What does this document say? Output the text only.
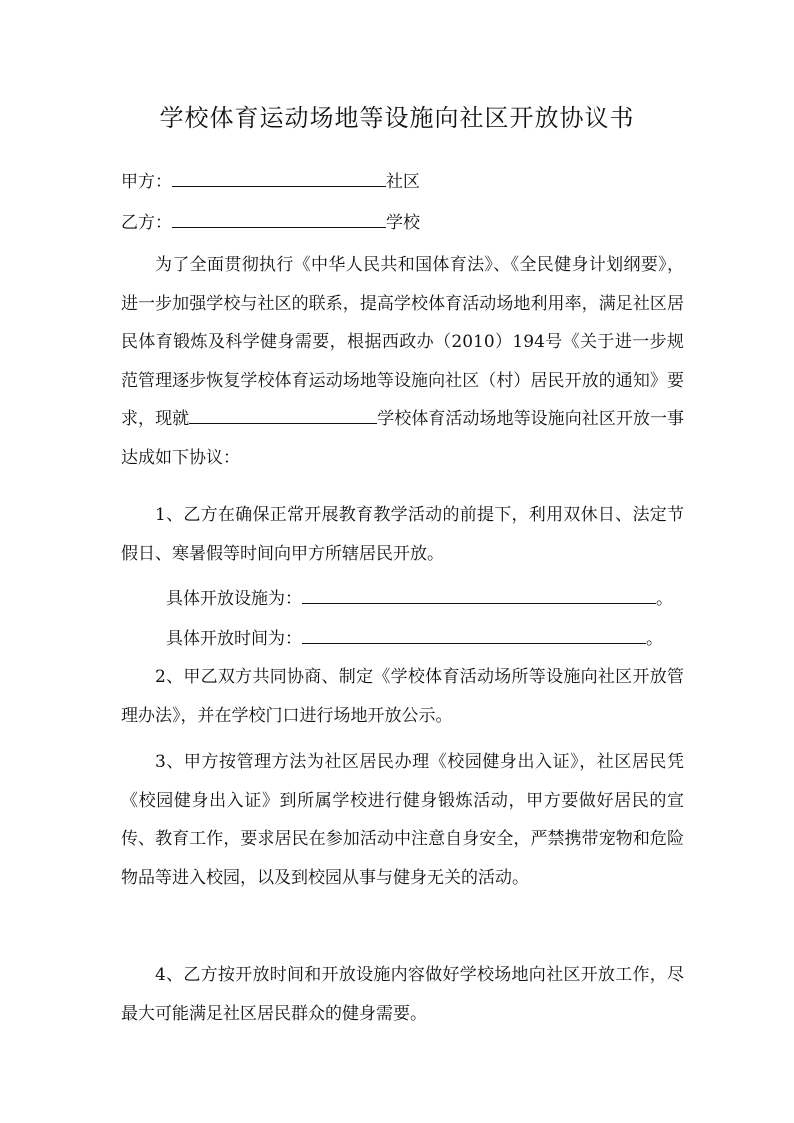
学校体育运动场地等设施向社区开放协议书
甲方：	社区
乙方：	学校
为了全面贯彻执行《中华人民共和国体育法》、《全民健身计划纲要》，进一步加强学校与社区的联系，提高学校体育活动场地利用率，满足社区居民体育锻炼及科学健身需要，根据西政办（2010）194号《关于进一步规范管理逐步恢复学校体育运动场地等设施向社区（村）居民开放的通知》要求，现就	学校体育活动场地等设施向社区开放一事达成如下协议：
1、乙方在确保正常开展教育教学活动的前提下，利用双休日、法定节假日、寒暑假等时间向甲方所辖居民开放。
具体开放设施为：	。
具体开放时间为：	。
2、甲乙双方共同协商、制定《学校体育活动场所等设施向社区开放管理办法》，并在学校门口进行场地开放公示。
3、甲方按管理方法为社区居民办理《校园健身出入证》，社区居民凭《校园健身出入证》到所属学校进行健身锻炼活动，甲方要做好居民的宣传、教育工作，要求居民在参加活动中注意自身安全，严禁携带宠物和危险物品等进入校园，以及到校园从事与健身无关的活动。
4、乙方按开放时间和开放设施内容做好学校场地向社区开放工作，尽最大可能满足社区居民群众的健身需要。
